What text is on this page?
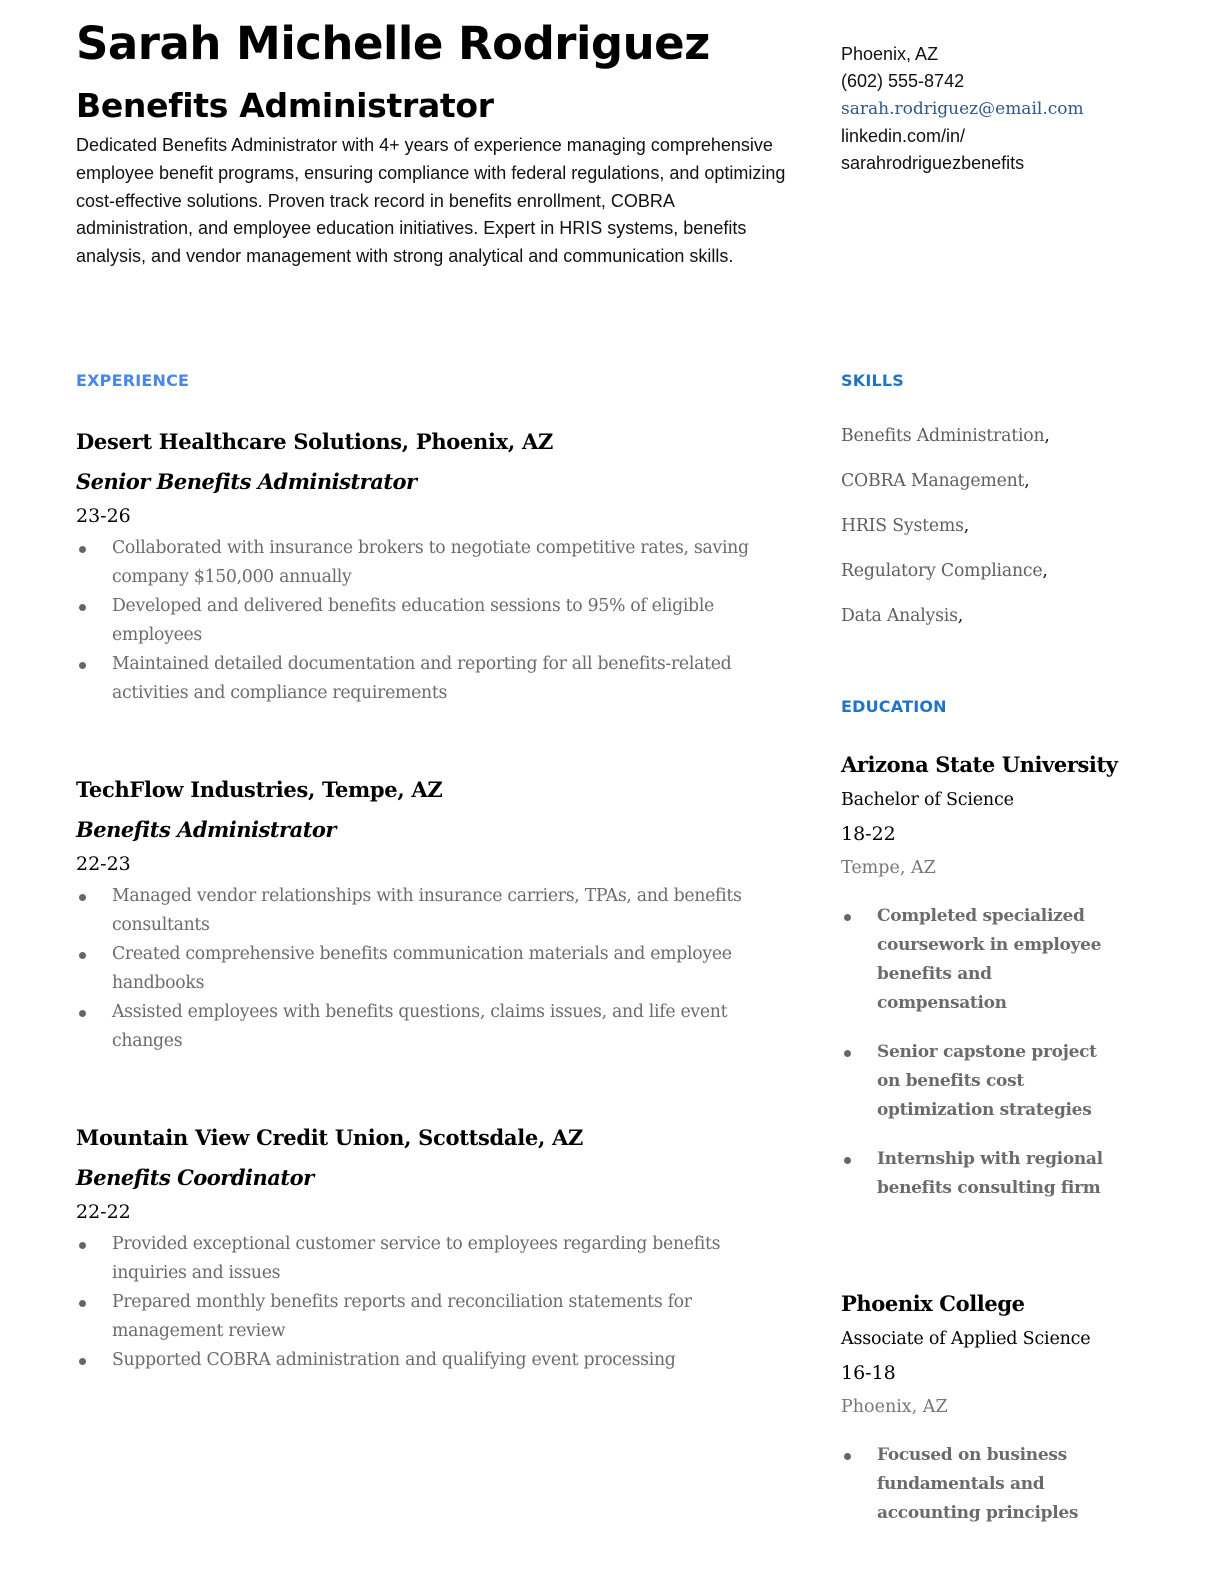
Sarah Michelle Rodriguez
Benefits Administrator

Dedicated Benefits Administrator with 4+ years of experience managing comprehensive employee benefit programs, ensuring compliance with federal regulations, and optimizing cost-effective solutions. Proven track record in benefits enrollment, COBRA administration, and employee education initiatives. Expert in HRIS systems, benefits analysis, and vendor management with strong analytical and communication skills.

Phoenix, AZ
(602) 555-8742
sarah.rodriguez@email.com
linkedin.com/in/
sarahrodriguezbenefits
EXPERIENCE	SKILLS
EDUCATION

Desert Healthcare Solutions, Phoenix, AZ

Senior Benefits Administrator

23-26

Collaborated with insurance brokers to negotiate competitive rates, saving company $150,000 annually
Developed and delivered benefits education sessions to 95% of eligible employees
Maintained detailed documentation and reporting for all benefits-related activities and compliance requirements

TechFlow Industries, Tempe, AZ

Benefits Administrator

22-23

Managed vendor relationships with insurance carriers, TPAs, and benefits consultants
Created comprehensive benefits communication materials and employee handbooks
Assisted employees with benefits questions, claims issues, and life event changes

Mountain View Credit Union, Scottsdale, AZ

Benefits Coordinator

22-22

Provided exceptional customer service to employees regarding benefits inquiries and issues
Prepared monthly benefits reports and reconciliation statements for management review
Supported COBRA administration and qualifying event processing

Benefits Administration,

COBRA Management,

HRIS Systems,

Regulatory Compliance,

Data Analysis,

Arizona State University

Bachelor of Science

18-22

Tempe, AZ

Completed specialized coursework in employee benefits and compensation
Senior capstone project on benefits cost optimization strategies
Internship with regional benefits consulting firm

Phoenix College

Associate of Applied Science

16-18

Phoenix, AZ

Focused on business fundamentals and accounting principles
